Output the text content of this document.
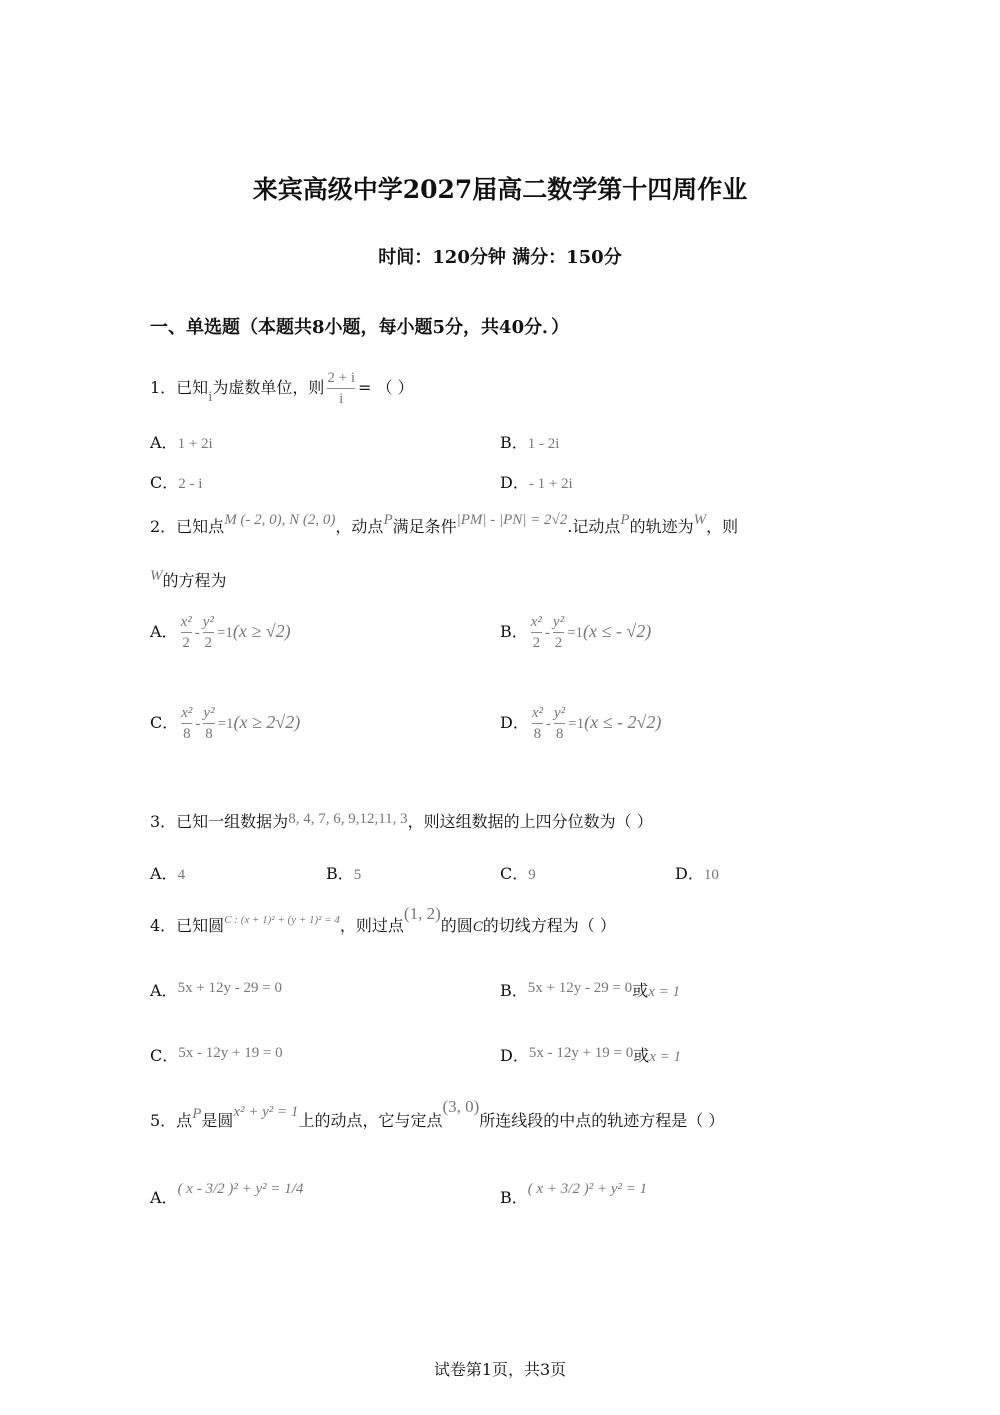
来宾高级中学2027届高二数学第十四周作业
时间：120分钟 满分：150分
一、单选题（本题共8小题，每小题5分，共40分．）
1．已知i为虚数单位，则 $\frac{2 + i}{i}$ = （ ）
A．1 + 2i	B．1 - 2i
C．2 - i	D．- 1 + 2i
2．已知点M (- 2, 0), N (2, 0)，动点P满足条件|PM| - |PN| = 2√2.记动点P的轨迹为W，则
W的方程为
A． $\frac{\text{x²}}{2} - \frac{\text{y²}}{2} =1(x \ge √2)$	B． $\frac{\text{x²}}{2} - \frac{\text{y²}}{2} =1(x$ ≤ - √2)
C． $\frac{\text{x²}}{8} - \frac{\text{y²}}{8} =1(x \ge 2√2)$	D． $\frac{\text{x²}}{8} - \frac{\text{y²}}{8} =1(x$ ≤ - 2√2)
3．已知一组数据为8, 4, 7, 6, 9,12,11, 3，则这组数据的上四分位数为（ ）
A．4	B．5	C．9	D．10
4．已知圆$^{C : (x + 1)^2 + (y + 1)^2 = 4}$，则过点(1, 2)的圆C的切线方程为（ ）
A．5x + 12y - 29 = 0	B．5x + 12y - 29 = 0或x = 1
C．5x - 12y + 19 = 0	D．5x - 12y + 19 = 0或x = 1
5．点P是圆x² + y² = 1上的动点，它与定点(3, 0)所连线段的中点的轨迹方程是（ ）
A．( x - 3/2 )² + y² = 1/4	B．( x + 3/2 )² + y² = 1
试卷第1页，共3页
